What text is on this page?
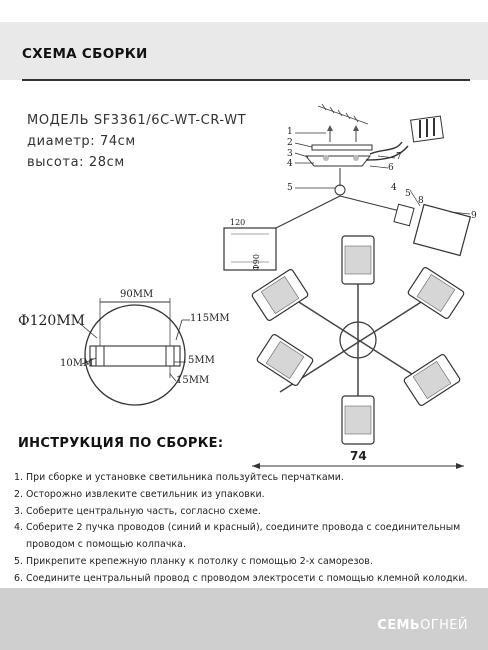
СХЕМА СБОРКИ
МОДЕЛЬ SF3361/6C-WT-CR-WT
диаметр: 74см
высота: 28см
Ф120ММ
90ММ
115ММ
10ММ	5ММ
15ММ
1
2
3
4
5	4
5
6
7
8
9
120
Ф90
74
ИНСТРУКЦИЯ ПО СБОРКЕ:
1. При сборке и установке светильника пользуйтесь перчатками.
2. Осторожно извлеките светильник из упаковки.
3. Соберите центральную часть, согласно схеме.
4. Соберите 2 пучка проводов (синий и красный), соедините провода с соединительным
проводом с помощью колпачка.
5. Прикрепите крепежную планку к потолку с помощью 2-х саморезов.
6. Соедините центральный провод с проводом электросети с помощью клемной колодки.
СЕМЬОГНЕЙ
